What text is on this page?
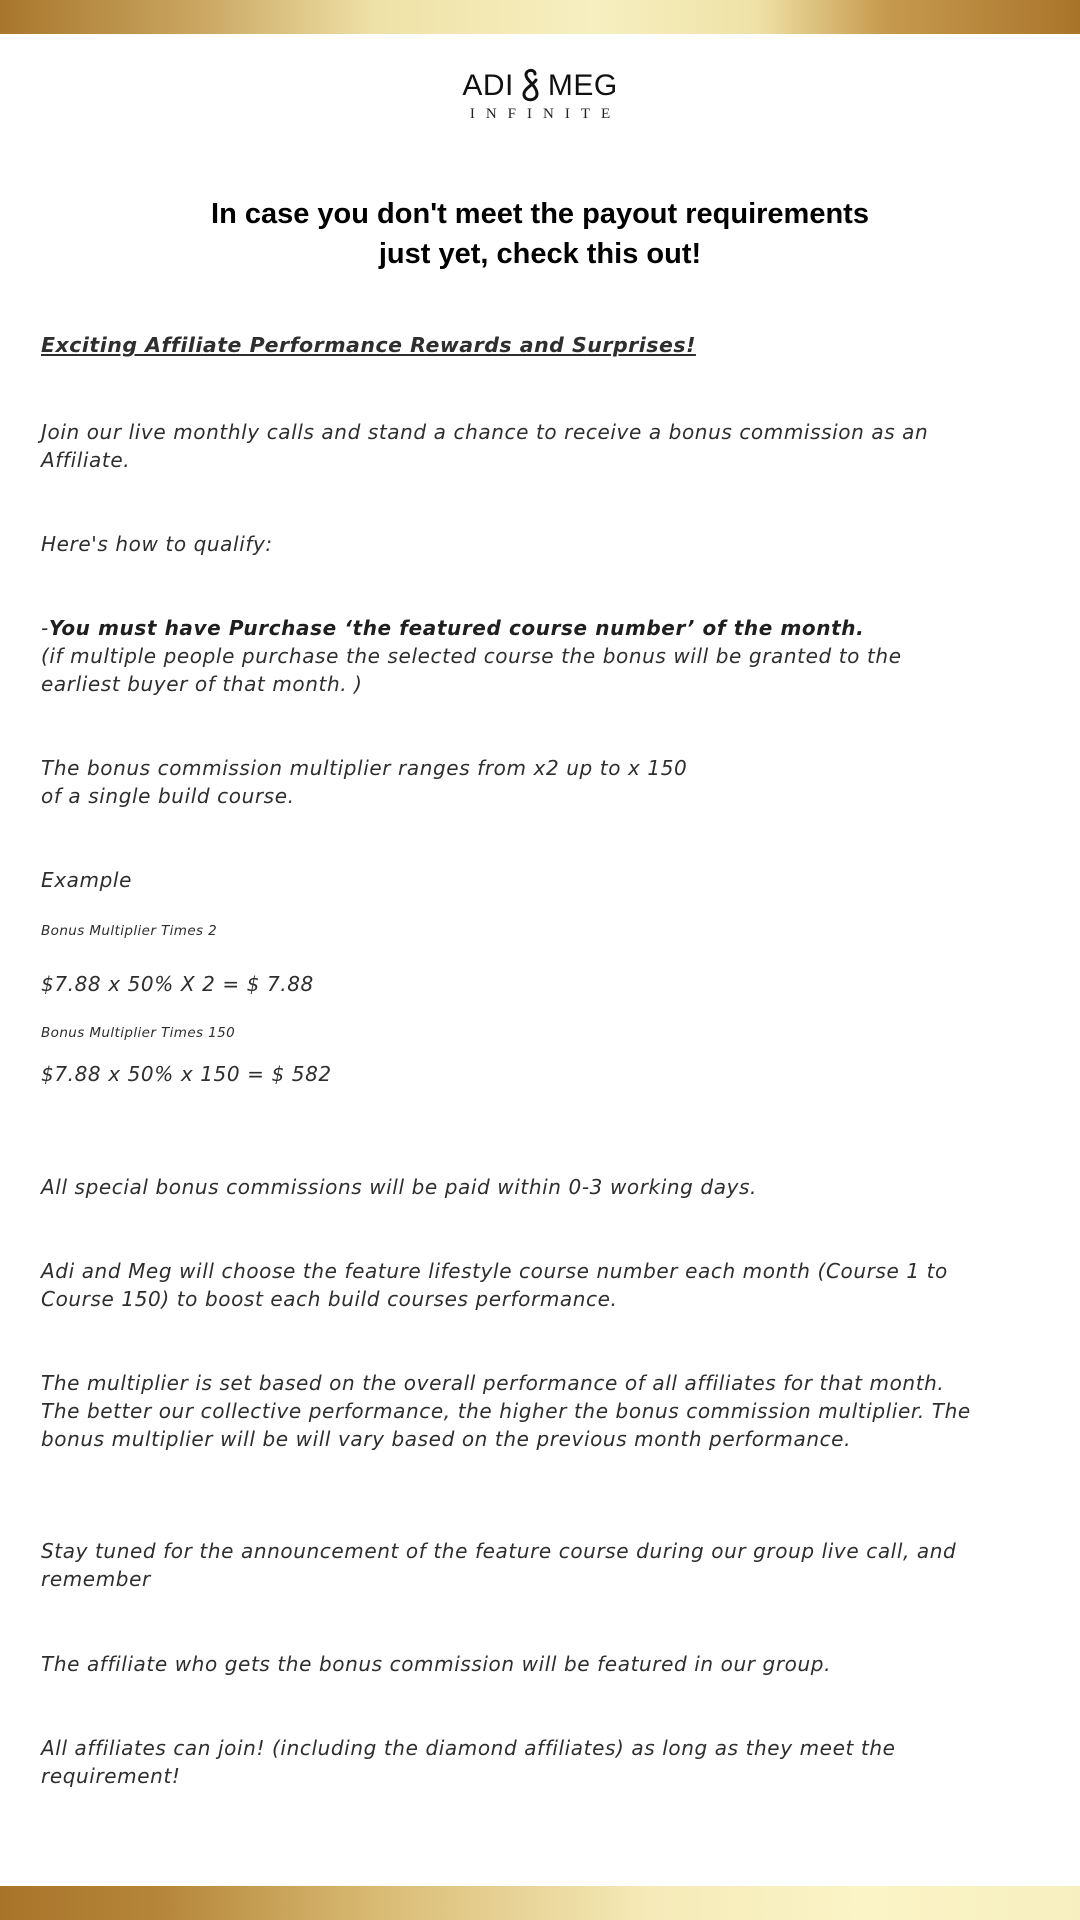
ADI MEG
INFINITE
In case you don't meet the payout requirements
just yet, check this out!
Exciting Affiliate Performance Rewards and Surprises!
Join our live monthly calls and stand a chance to receive a bonus commission as an
Affiliate.
Here's how to qualify:
-You must have Purchase ‘the featured course number’ of the month.
(if multiple people purchase the selected course the bonus will be granted to the
earliest buyer of that month. )
The bonus commission multiplier ranges from x2 up to x 150
of a single build course.
Example
Bonus Multiplier Times 2
$7.88 x 50% X 2 = $ 7.88
Bonus Multiplier Times 150
$7.88 x 50% x 150 = $ 582
All special bonus commissions will be paid within 0-3 working days.
Adi and Meg will choose the feature lifestyle course number each month (Course 1 to
Course 150) to boost each build courses performance.
The multiplier is set based on the overall performance of all affiliates for that month.
The better our collective performance, the higher the bonus commission multiplier. The
bonus multiplier will be will vary based on the previous month performance.
Stay tuned for the announcement of the feature course during our group live call, and
remember
The affiliate who gets the bonus commission will be featured in our group.
All affiliates can join! (including the diamond affiliates) as long as they meet the
requirement!
